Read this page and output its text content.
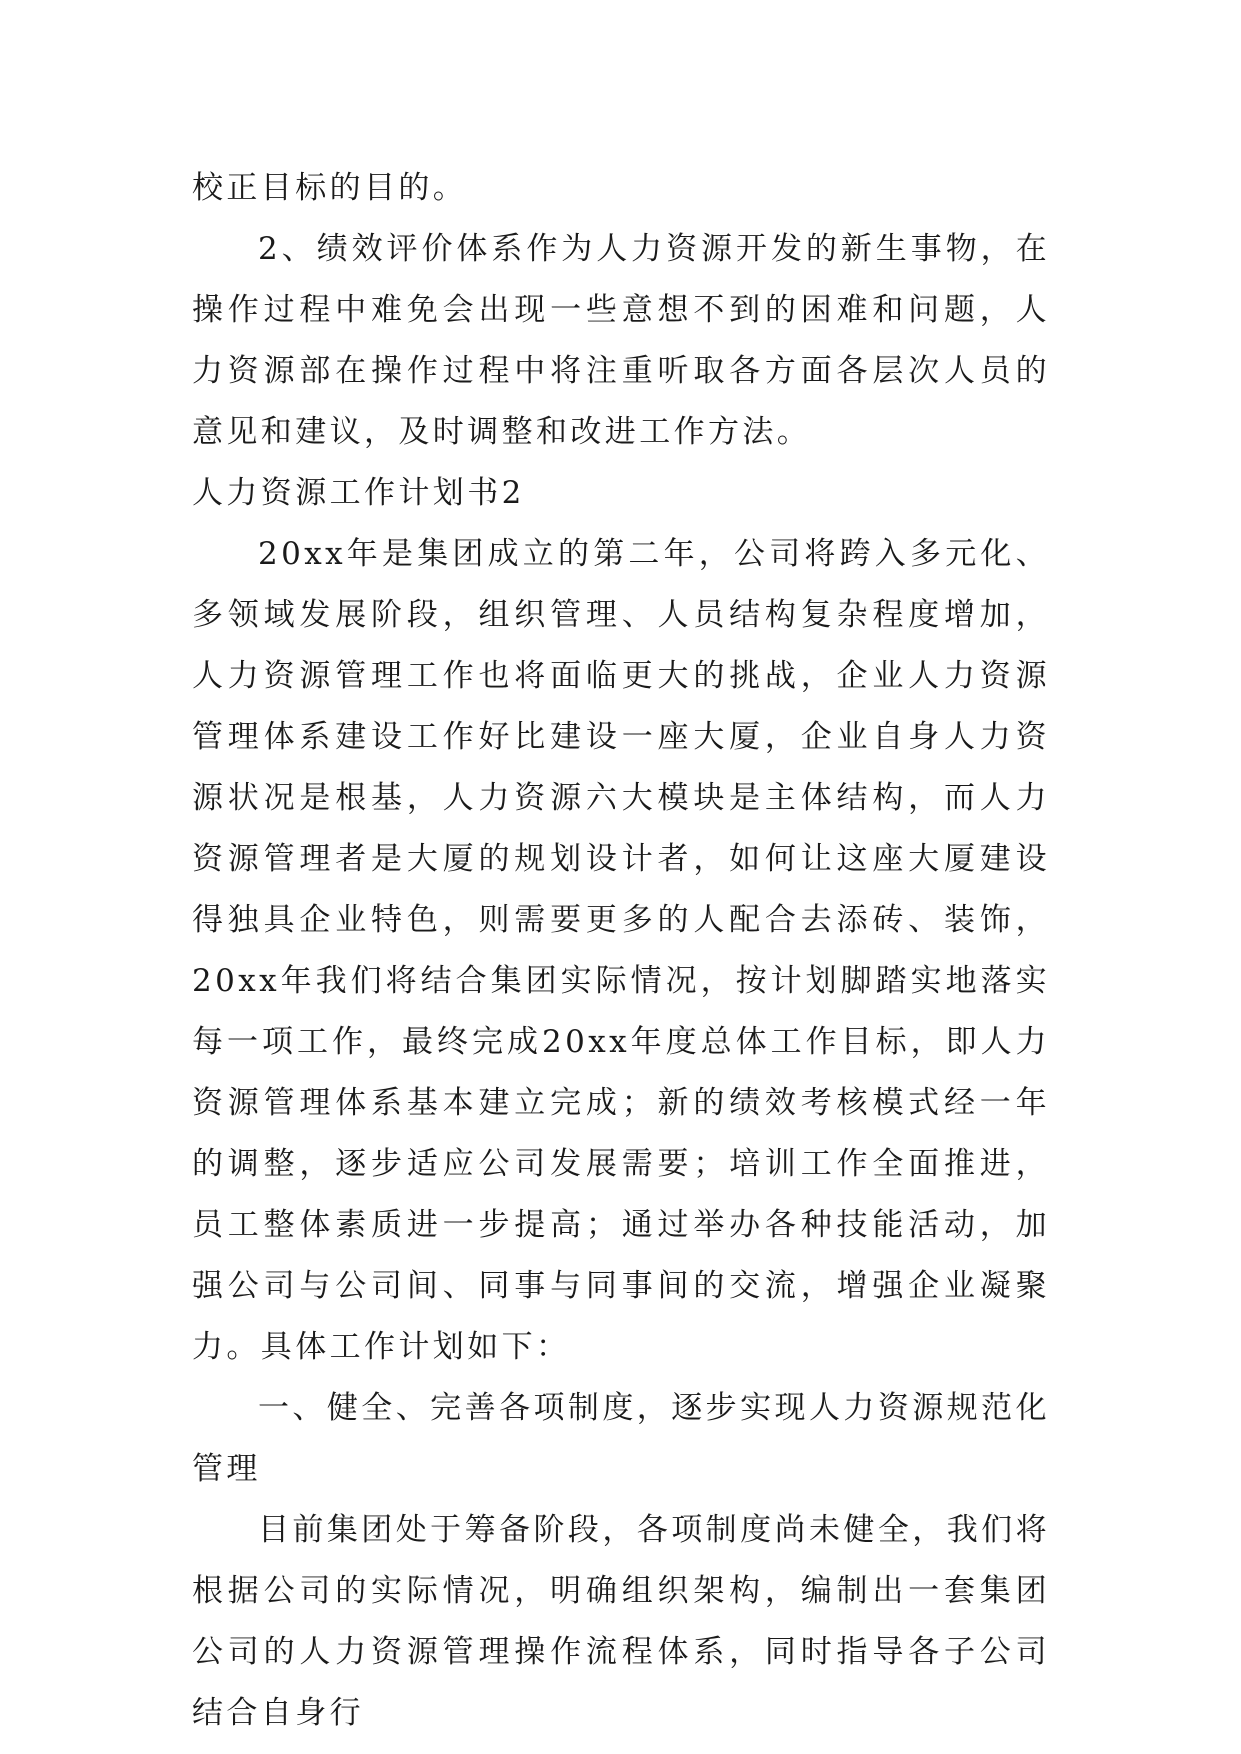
校正目标的目的。

2、绩效评价体系作为人力资源开发的新生事物，在操作过程中难免会出现一些意想不到的困难和问题，人力资源部在操作过程中将注重听取各方面各层次人员的意见和建议，及时调整和改进工作方法。

人力资源工作计划书2

20xx年是集团成立的第二年，公司将跨入多元化、多领域发展阶段，组织管理、人员结构复杂程度增加，人力资源管理工作也将面临更大的挑战，企业人力资源管理体系建设工作好比建设一座大厦，企业自身人力资源状况是根基，人力资源六大模块是主体结构，而人力资源管理者是大厦的规划设计者，如何让这座大厦建设得独具企业特色，则需要更多的人配合去添砖、装饰，20xx年我们将结合集团实际情况，按计划脚踏实地落实每一项工作，最终完成20xx年度总体工作目标，即人力资源管理体系基本建立完成；新的绩效考核模式经一年的调整，逐步适应公司发展需要；培训工作全面推进，员工整体素质进一步提高；通过举办各种技能活动，加强公司与公司间、同事与同事间的交流，增强企业凝聚力。具体工作计划如下：

一、健全、完善各项制度，逐步实现人力资源规范化管理

目前集团处于筹备阶段，各项制度尚未健全，我们将根据公司的实际情况，明确组织架构，编制出一套集团公司的人力资源管理操作流程体系，同时指导各子公司结合自身行
